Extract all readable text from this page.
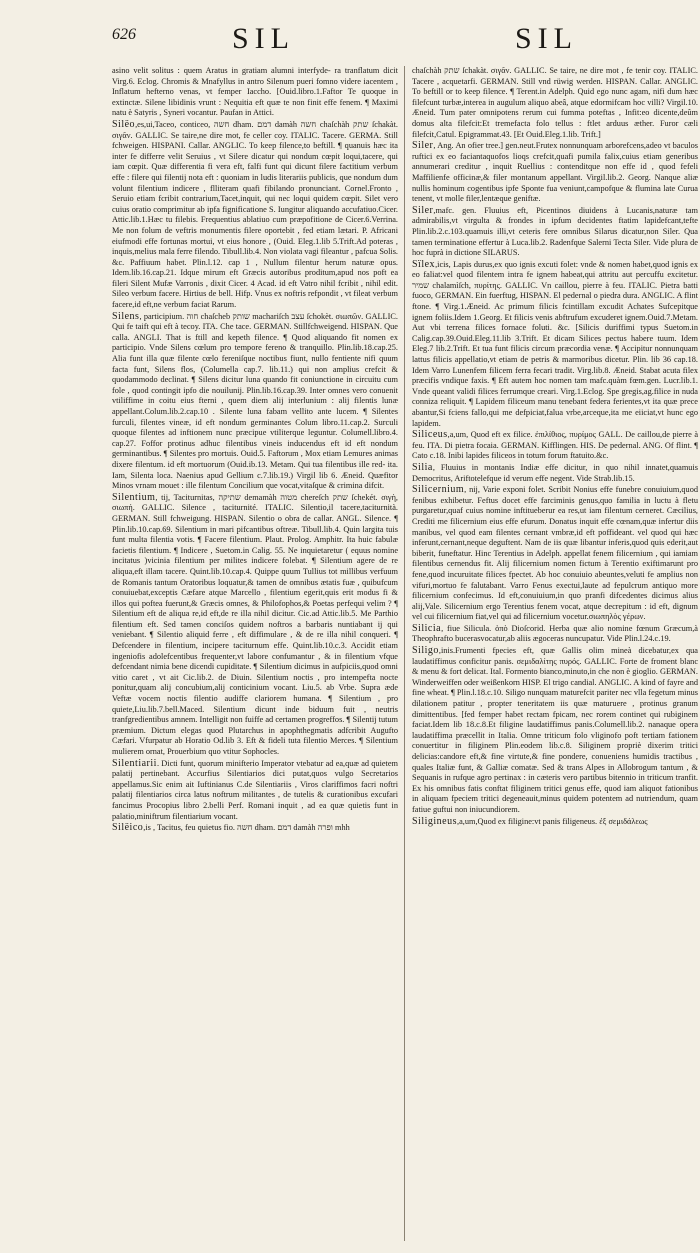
626	SIL	SIL

asino velit solitus : quem Aratus in gratiam alumni interfyde- ra tranflatum dicit Virg.6. Eclog. Chromis & Mnafyllus in antro Silenum pueri fomno videre iacentem , Inflatum hefterno venas, vt femper Iaccho. [Ouid.libro.1.Faftor Te quoque in extinctæ. Silene libidinis vrunt : Nequitia eft quæ te non finit effe fenem. ¶ Maximi natu è Satyris , Syneri vocantur. Paufan in Attici.

Silëo,es,ui,Taceo, conticeo, חשה dham. דמם damàh חשה chaſchàh שתק ſchakàt. σιγᾶν. GALLIC. Se taire,ne dire mot, fe celler coy. ITALIC. Tacere. GERMA. Still fchweigen. HISPANI. Callar. ANGLIC. To keep filence,to beftill. ¶ quanuis hæc ita inter fe differre velit Seruius , vt Silere dicatur qui nondum cœpit loqui,tacere, qui iam cœpit. Quæ differentia fi vera eft, falfi funt qui dicunt filere factitium verbum effe : filere qui filentij nota eft : quoniam in ludis literariis publicis, que nondum dum volunt filentium indicere , flliteram quafi fibilando pronunciant. Cornel.Fronto , Seruio etiam fcribit contrarium,Tacet,inquit, qui nec loqui quidem cœpit. Silet vero cuius oratio comprimitur ab ipfa fignificatione S. Iungitur aliquando accufatiuo.Cicer. Attic.lib.1.Hæc tu filebis. Frequentius ablatiuo cum præpofitione de Cicer.6.Verrina. Me non folum de veftris monumentis filere oportebit , fed etiam lætari. P. Africani eiufmodi effe fortunas mortui, vt eius honore , (Ouid. Eleg.1.lib 5.Trift.Ad poteras , inquis,melius mala ferre filendo. Tibull.lib.4. Non violata vagi fileantur , pafcua Solis. &c. Paffiuum habet. Plin.l.12. cap 1 , Nullum filentur herum naturæ opus. Idem.lib.16.cap.21. Idque mirum eft Græcis autoribus proditum,apud nos poft ea fileri Silent Mufæ Varronis , dixit Cicer. 4 Acad. id eft Vatro nihil fcribit , nihil edit. Sileo verbum facere. Hirtius de bell. Hifp. Vnus ex noftris refpondit , vt fileat verbum facere,id eft,ne verbum faciat Rarum.

Silens, participium. חוה chaſcheb שותק machariſch עצב ſchokèt. σιωπῶν. GALLIC. Qui fe taift qui eft à tecoy. ITA. Che tace. GERMAN. Stillfchweigend. HISPAN. Que calla. ANGLI. That is ftill and kepeth filence. ¶ Quod aliquando fit nomen ex participio. Vnde Silens cœlum pro tempore fereno & tranquillo. Plin.lib.18.cap.25. Alia funt illa quæ filente cœlo fereniſque noctibus fiunt, nullo fentiente nifi quum facta funt, Silens flos, (Columella cap.7. lib.11.) qui non amplius crefcit & quodammodo declinat. ¶ Silens dicitur luna quando fit coniunctione in circuitu cum fole , quod contingit ipfo die nouilunij. Plin.lib.16.cap.39. Inter omnes vero conuenit vtiliffime in coitu eius fterni , quem diem alij interlunium : alij filentis lunæ appellant.Colum.lib.2.cap.10 . Silente luna fabam vellito ante lucem. ¶ Silentes furculi, filentes vineæ, id eft nondum germinantes Colum libro.11.cap.2. Surculi quoque filentes ad inftionem nunc præcipue vtiliterque leguntur. Columell.libro.4. cap.27. Foffor protinus adhuc filentibus vineis inducendus eft id eft nondum germinantibus. ¶ Silentes pro mortuis. Ouid.5. Faftorum , Mox etiam Lemures animas dixere filentum. id eft mortuorum (Ouid.ib.13. Metam. Qui tua filentibus ille red- ita. Iam, Silenta loca. Naenius apud Gellium c.7.lib.19.) Virgil lib 6. Æneid. Quæfitor Minos vrnam mouet : ille filentum Concilium que vocat,vitaſque & crimina difcit.

Silentium, tij, Taciturnitas, שתיקה demamàh מטוה chereſch שתק ſchekét. σιγὴ, σιωπή. GALLIC. Silence , taciturnité. ITALIC. Silentio,il tacere,taciturnità. GERMAN. Still fchweigung. HISPAN. Silentio o obra de callar. ANGL. Silence. ¶ Plin.lib.10.cap.69. Silentium in mari pifcantibus oftreæ. Tibull.lib.4. Quin largita tuis funt multa filentia votis. ¶ Facere filentium. Plaut. Prolog. Amphitr. Ita huic fabulæ facietis filentium. ¶ Indicere , Suetom.in Calig. 55. Ne inquietaretur ( equus nomine incitatus )vicinia filentium per milites indicere folebat. ¶ Silentium agere de re aliqua,eft illam tacere. Quint.lib.10.cap.4. Quippe quum Tullius tot millibus verfuum de Romanis tantum Oratoribus loquatur,& tamen de omnibus ætatis fuæ , quibufcum conuiuebat,exceptis Cæfare atque Marcello , filentium egerit,quis erit modus fi & illos qui poftea fuerunt,& Græcis omnes, & Philofophos,& Poetas perfequi velim ? ¶ Silentium eft de aliqua re,id eft,de re illa nihil dicitur. Cic.ad Attic.lib.5. Me Parthio filentium eft. Sed tamen conciſos quidem noftros a barbaris nuntiabant ij qui veniebant. ¶ Silentio aliquid ferre , eft diffimulare , & de re illa nihil conqueri. ¶ Defcendere in filentium, incipere taciturnum effe. Quint.lib.10.c.3. Accidit etiam ingeniofis adolefcentibus frequenter,vt labore confumantur , & in filentium vfque defcendant nimia bene dicendi cupiditate. ¶ Silentium dicimus in aufpiciis,quod omni vitio caret , vt ait Cic.lib.2. de Diuin. Silentium noctis , pro intempefta nocte ponitur,quam alij concubium,alij conticinium vocant. Liu.5. ab Vrbe. Supra æde Veftæ vocem noctis filentio audiffe clariorem humana. ¶ Silentium , pro quiete,Liu.lib.7.bell.Maced. Silentium dicunt inde biduum fuit , neutris tranfgredientibus amnem. Intelligit non fuiffe ad certamen progreffos. ¶ Silentij tutum præmium. Dictum elegas quod Plutarchus in apophthegmatis adfcribit Augufto Cæfari. Vfurpatur ab Horatio Od.lib 3. Eft & fideli tuta filentio Merces. ¶ Silentium mulierem ornat, Prouerbium quo vtitur Sophocles.

Silentiarii. Dicti funt, quorum minifterio Imperator vtebatur ad ea,quæ ad quietem palatij pertinebant. Accurfius Silentiarios dici putat,quos vulgo Secretarios appellamus.Sic enim ait Iuftinianus C.de Silentiariis , Viros clariffimos facri noftri palatij filentiarios circa latus noftrum militantes , de tutelis & curationibus excufari fancimus Procopius libro 2.belli Perf. Romani inquit , ad ea quæ quietis funt in palatio,miniftrum filentiarium vocant.

Silëico,is , Tacitus, feu quietus fio. חשה dham. דמם damàh ופרה mhh

chaſchàh שתק ſchakàt. σιγᾶν. GALLIC. Se taire, ne dire mot , fe tenir coy. ITALIC. Tacere , acquetarfi. GERMAN. Still vnd rüwig werden. HISPAN. Callar. ANGLIC. To beftill or to keep filence. ¶ Terent.in Adelph. Quid ego nunc agam, nifi dum hæc filefcunt turbæ,interea in augulum aliquo abeâ, atque edormifcam hoc villi? Virgil.10. Æneid. Tum pater omnipotens rerum cui fumma poteftas , Infit:eo dicente,deûm domus alta filefcit:Et tremefacta folo tellus : ftlet arduus æther. Furor cæli filefcit,Catul. Epigrammat.43. [Et Ouid.Eleg.1.lib. Trift.]

Siler, Ang. An ofier tree.] gen.neut.Frutex nonnunquam arborefcens,adeo vt baculos ruftici ex eo faciantaquofos lioqs crefcit,quafi pumila falix,cuius etiam generibus annumerari creditur , inquit Ruellius : contenditque non effe id , quod fefeli Maffilienfe officinæ,& filer montanum appellant. Virgil.lib.2. Georg. Nanque aliæ nullis hominum cogentibus ipfe Sponte fua veniunt,campofque & flumina late Curua tenent, vt molle filer,lentæque geniftæ.

Siler,mafc. gen. Fluuius eft, Picentinos diuidens à Lucanis,naturæ tam admirabilis,vt virgulta & frondes in ipfum decidentes ftatim lapidefcant,tefte Plin.lib.2.c.103.quamuis illi,vt ceteris fere omnibus Silarus dicatur,non Siler. Qua tamen terminatione effertur à Luca.lib.2. Radenfque Salerni Tecta Siler. Vide plura de hoc fuprà in dictione SILARUS.

Sïlex,icis, Lapis durus,ex quo ignis excuti folet: vnde & nomen habet,quod ignis ex eo faliat:vel quod filentem intra fe ignem habeat,qui attritu aut percuffu excitetur. שמיר chalamìſch, πυρίτης. GALLIC. Vn caillou, pierre à feu. ITALIC. Pietra batti fuoco, GERMAN. Ein fuerftug, HISPAN. El pedernal o piedra dura. ANGLIC. A flint ftone. ¶ Virg.1.Æneid. Ac primum filicis fcintillam excudit Achates Sufcepitque ignem foliis.Idem 1.Georg. Et filicis venis abftrufum excuderet ignem.Ouid.7.Metam. Aut vbi terrena filices fornace foluti. &c. [Silicis duriffimi typus Suetom.in Calig.cap.39.Ouid.Eleg.11.lib 3.Trift. Et dicam Silices pectus habere tuum. Idem Eleg.7 lib.2.Trift. Et tua funt filicis circum præcordia venæ. ¶ Accipitur nonnunquam lattus filicis appellatio,vt etiam de petris & marmoribus dicetur. Plin. lib 36 cap.18. Idem Varro Lunenfem filicem ferra fecari tradit. Virg.lib.8. Æneid. Stabat acuta filex præcifis vndique faxis. ¶ Eft autem hoc nomen tam mafc.quàm fœm.gen. Lucr.lib.1. Vnde queant validi filices ferrumque creari. Virg.1.Eclog. Spe gregis,ag.filice in nuda conniza reliquit. ¶ Lapidem filiceum manu tenebant federa ferientes,vt ita quæ prece abantur,Si fciens fallo,qui me defpiciat,falua vrbe,arceque,ita me eiiciat,vt hunc ego lapidem.

Siliceus,a,um, Quod eft ex filice. ἐπιλίθιος, πυρίμος GALL. De caillou,de pierre à feu. ITA. Di pietra focaia. GERMAN. Kifflingen. HIS. De pedernal. ANG. Of flint. ¶ Cato c.18. Inibi lapides filiceos in totum forum ftatuito.&c.

Silia, Fluuius in montanis Indiæ effe dicitur, in quo nihil innatet,quamuis Democritus, Ariftotelefque id verum effe negent. Vide Strab.lib.15.

Silicernium, nij, Varie exponi folet. Scribit Nonius effe funebre conuiuium,quod fenibus exhibetur. Feftus docet effe farciminis genus,quo familia in luctu à fletu purgaretur,quaf cuius nomine inftitueberur ea res,ut iam filentum cerneret. Cæcilius, Crediti me filicernium eius effe efurum. Donatus inquit effe cœnam,quæ infertur diis manibus, vel quod eam filentes cernant vmbræ,id eft poffideant. vel quod qui hæc inferunt,cernant,neque deguftent. Nam de iis quæ libantur inferis,quod quis ederit,aut biberit, funeftatur. Hinc Terentius in Adelph. appellat fenem filicernium , qui iamiam filentibus cernendus fit. Alij filicernium nomen fictum à Terentio exiftimarunt pro fene,quod incuruitate filices fpectet. Ab hoc conuiuio abeuntes,veluti fe amplius non vifuri,mortuo fe falutabant. Varro Fenus exectui,laute ad fepulcrum antiquo more filicernium confecimus. Id eft,conuiuium,in quo pranfi difcedentes dicimus alius alij,Vale. Silicernium ergo Terentius fenem vocat, atque decrepitum : id eft, dignum vel cui filicernium fiat,vel qui ad filicernium vocetur.σιωπηλὸς γέρων.

Silicia, fiue Silicula. ὁπὸ Dioſcorid. Herba quæ alio nomine fœnum Græcum,à Theophrafto bucerasvocatur,ab aliis ægoceras nuncupatur. Vide Plin.l.24.c.19.

Siligo,inis.Frumenti fpecies eft, quæ Gallis olim mineà dicebatur,ex qua laudatiffimus conficitur panis. σεμιδαλίτης πυρός. GALLIC. Forte de froment blanc & menu & fort delicat. Ital. Formento bianco,minuto,in che non è gioglio. GERMAN. Winderweiffen oder weißenkorn HISP. El trigo candial. ANGLIC. A kind of fayre and fine wheat. ¶ Plin.l.18.c.10. Siligo nunquam maturefcit pariter nec vlla fegetum minus dilationem patitur , propter teneritatem iis quæ maturuere , protinus granum dimittentibus. [fed femper habet rectam fpicam, nec rorem continet qui rubiginem faciat.Idem lib 18.c.8.Et filigine laudatiffimus panis.Columell.lib.2. nanaque opera laudatiffima præcellit in Italia. Omne triticum folo vliginofo poft tertiam fationem conuertitur in filiginem Plin.eodem lib.c.8. Siliginem propriè dixerim tritici delicias:candore eft,& fine virtute,& fine pondere, conueniens humidis tractibus , quales Italiæ funt, & Galliæ comatæ. Sed & trans Alpes in Allobrogum tantum , & Sequanis in rufque agro pertinax : in cæteris vero partibus bitennio in triticum tranfit. Ex his omnibus fatis conftat filiginem tritici genus effe, quod iam aliquot fationibus in aliquam fpeciem tritici degeneauit,minus quidem potentem ad nutriendum, quam fatiue guftui non iniucundiorem.

Siligineus,a,um,Quod ex filigine:vt panis filigeneus. ἐξ σεμιδάλεως
